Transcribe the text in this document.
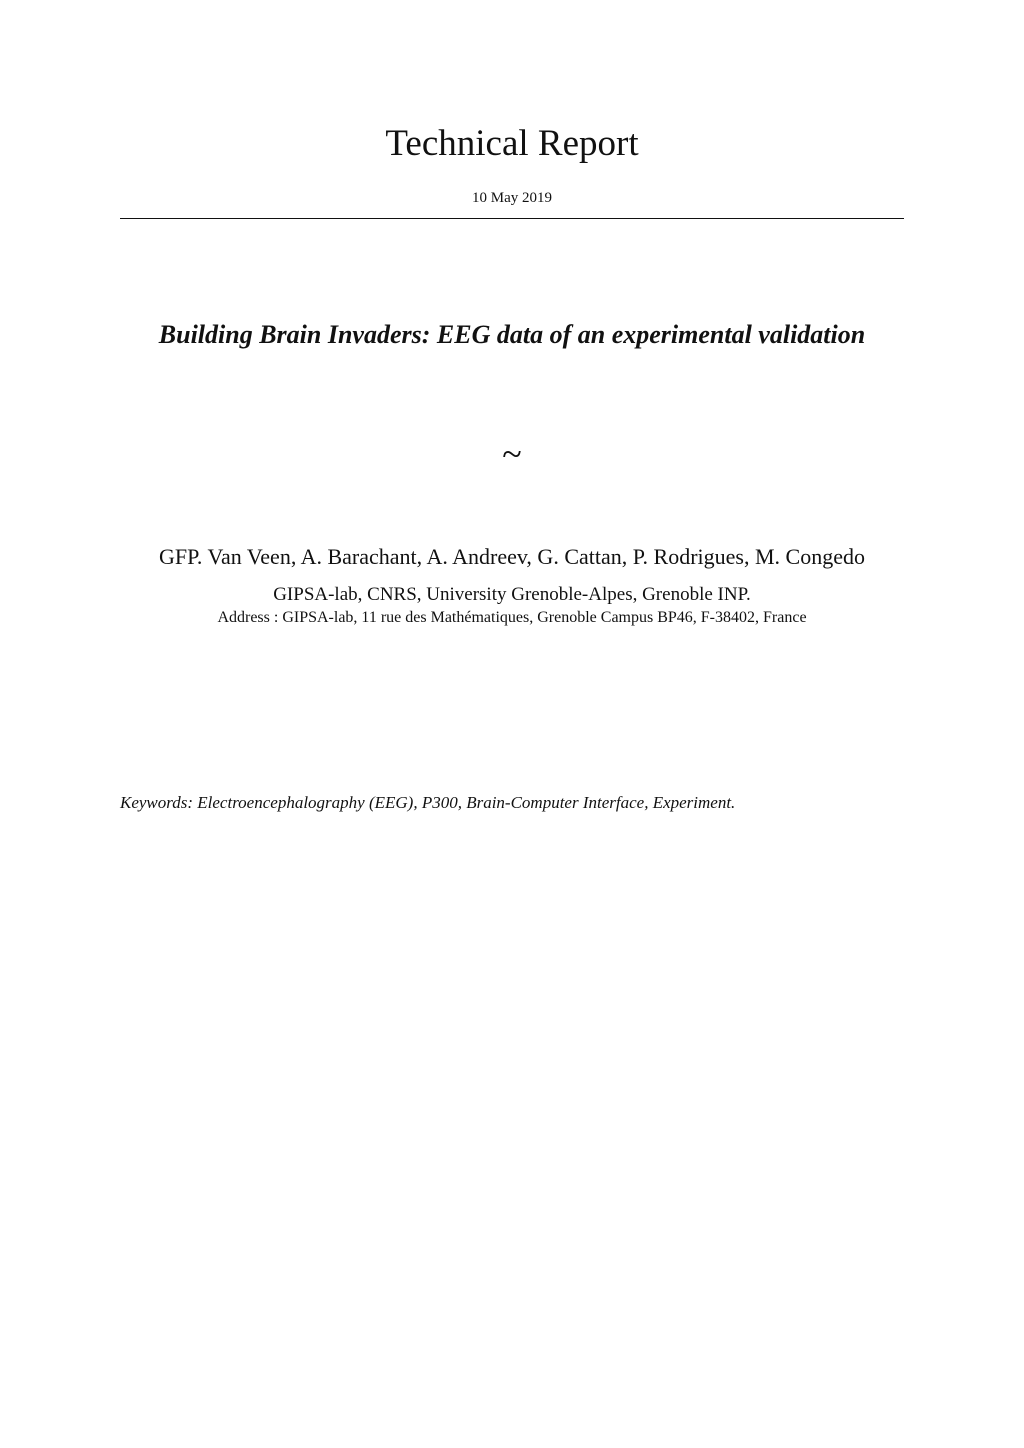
Technical Report
10 May 2019
Building Brain Invaders: EEG data of an experimental validation
~
GFP. Van Veen, A. Barachant, A. Andreev, G. Cattan, P. Rodrigues, M. Congedo
GIPSA-lab, CNRS, University Grenoble-Alpes, Grenoble INP.
Address : GIPSA-lab, 11 rue des Mathématiques, Grenoble Campus BP46, F-38402, France
Keywords: Electroencephalography (EEG), P300, Brain-Computer Interface, Experiment.
